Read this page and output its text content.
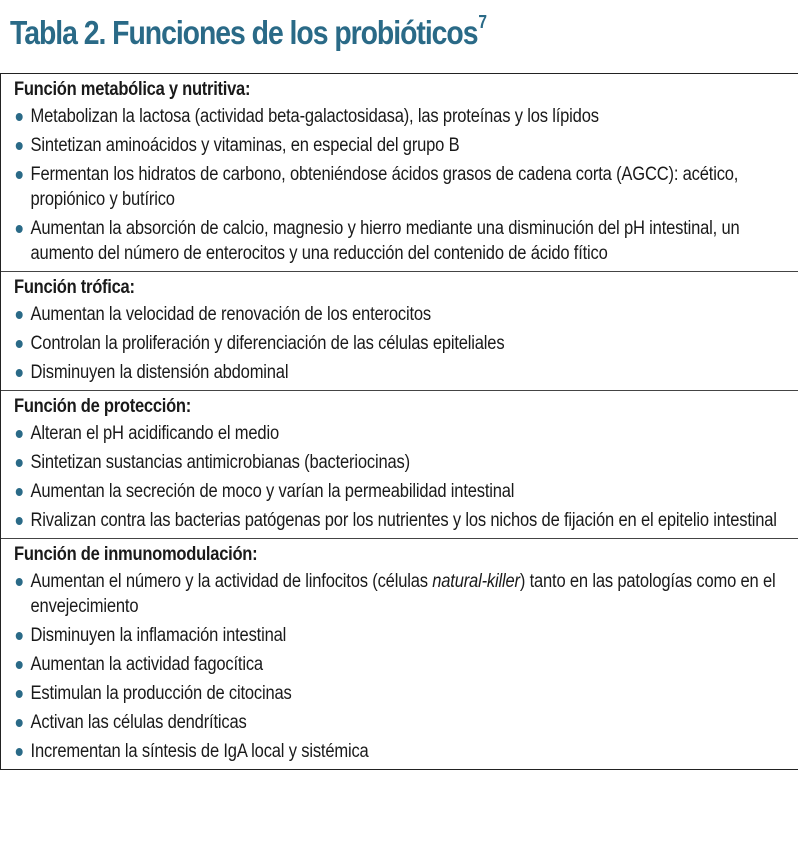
Tabla 2. Funciones de los probióticos$^7$
Función metabólica y nutritiva:
Metabolizan la lactosa (actividad beta-galactosidasa), las proteínas y los lípidos
Sintetizan aminoácidos y vitaminas, en especial del grupo B
Fermentan los hidratos de carbono, obteniéndose ácidos grasos de cadena corta (AGCC): acético, propiónico y butírico
Aumentan la absorción de calcio, magnesio y hierro mediante una disminución del pH intestinal, un aumento del número de enterocitos y una reducción del contenido de ácido fítico
Función trófica:
Aumentan la velocidad de renovación de los enterocitos
Controlan la proliferación y diferenciación de las células epiteliales
Disminuyen la distensión abdominal
Función de protección:
Alteran el pH acidificando el medio
Sintetizan sustancias antimicrobianas (bacteriocinas)
Aumentan la secreción de moco y varían la permeabilidad intestinal
Rivalizan contra las bacterias patógenas por los nutrientes y los nichos de fijación en el epitelio intestinal
Función de inmunomodulación:
Aumentan el número y la actividad de linfocitos (células natural-killer) tanto en las patologías como en el envejecimiento
Disminuyen la inflamación intestinal
Aumentan la actividad fagocítica
Estimulan la producción de citocinas
Activan las células dendríticas
Incrementan la síntesis de IgA local y sistémica
